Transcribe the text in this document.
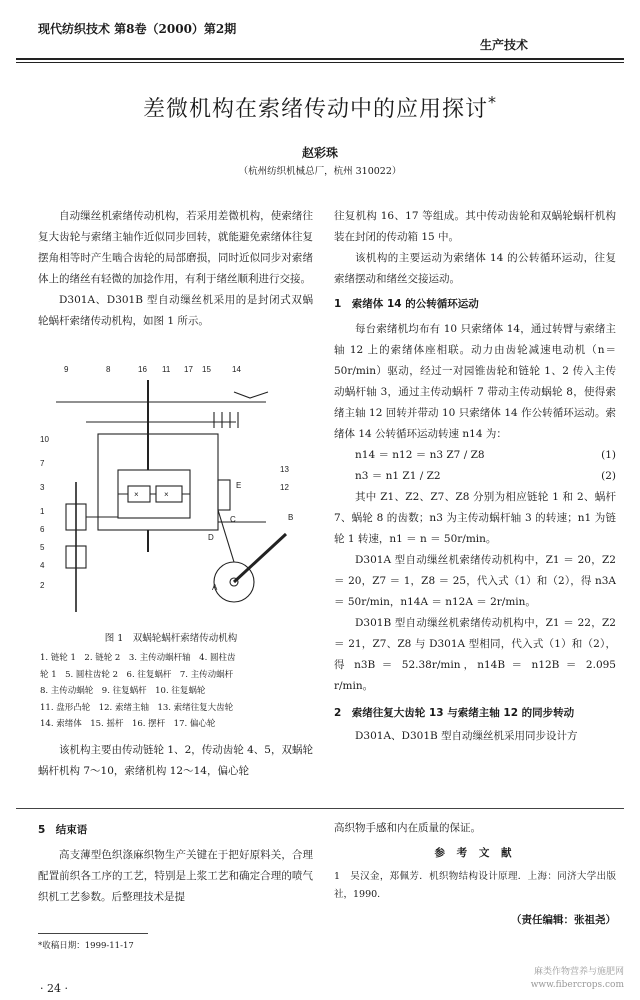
现代纺织技术 第8卷（2000）第2期
生产技术
差微机构在索绪传动中的应用探讨*
赵彩珠
（杭州纺织机械总厂，杭州 310022）

自动缫丝机索绪传动机构，若采用差微机构，使索绪往复大齿轮与索绪主轴作近似同步回转，就能避免索绪体往复摆角相等时产生啮合齿轮的局部磨损，同时近似同步对索绪体上的绪丝有轻微的加捻作用，有利于绪丝顺利进行交接。

D301A、D301B 型自动缫丝机采用的是封闭式双蜗轮蜗杆索绪传动机构，如图 1 所示。

×	×
9	8	16 11 17 15	14
13
12
10
7
3
1
6
5
4
2
E
B
C
D
A
图 1　双蜗轮蜗杆索绪传动机构
1. 链轮 1　2. 链轮 2　3. 主传动蜗杆轴　4. 圆柱齿
轮 1　5. 圆柱齿轮 2　6. 往复蜗杆　7. 主传动蜗杆
8. 主传动蜗轮　9. 往复蜗杆　10. 往复蜗轮
11. 盘形凸轮　12. 索绪主轴　13. 索绪往复大齿轮
14. 索绪体　15. 摇杆　16. 摆杆　17. 偏心轮

该机构主要由传动链轮 1、2，传动齿轮 4、5，双蜗轮蜗杆机构 7～10，索绪机构 12～14，偏心轮

往复机构 16、17 等组成。其中传动齿轮和双蜗轮蜗杆机构装在封闭的传动箱 15 中。

该机构的主要运动为索绪体 14 的公转循环运动，往复索绪摆动和绪丝交接运动。

1　索绪体 14 的公转循环运动

每台索绪机均布有 10 只索绪体 14，通过转臂与索绪主轴 12 上的索绪体座相联。动力由齿轮减速电动机（n＝50r/min）驱动，经过一对园锥齿轮和链轮 1、2 传入主传动蜗杆轴 3，通过主传动蜗杆 7 带动主传动蜗轮 8，使得索绪主轴 12 回转并带动 10 只索绪体 14 作公转循环运动。索绪体 14 公转循环运动转速 n14 为：

n14 ＝ n12 ＝ n3 Z7 / Z8	(1)

n3 ＝ n1 Z1 / Z2	(2)

其中 Z1、Z2、Z7、Z8 分别为相应链轮 1 和 2、蜗杆 7、蜗轮 8 的齿数；n3 为主传动蜗杆轴 3 的转速；n1 为链轮 1 转速，n1 ＝ n ＝ 50r/min。

D301A 型自动缫丝机索绪传动机构中，Z1 ＝ 20，Z2 ＝ 20，Z7 ＝ 1，Z8 ＝ 25，代入式（1）和（2），得 n3A ＝ 50r/min，n14A ＝ n12A ＝ 2r/min。

D301B 型自动缫丝机索绪传动机构中，Z1 ＝ 22，Z2 ＝ 21，Z7、Z8 与 D301A 型相同，代入式（1）和（2），得 n3B ＝ 52.38r/min，n14B ＝ n12B ＝ 2.095 r/min。

2　索绪往复大齿轮 13 与索绪主轴 12 的同步转动

D301A、D301B 型自动缫丝机采用同步设计方

5　结束语

高支薄型色织涤麻织物生产关键在于把好原料关，合理配置前织各工序的工艺，特别是上浆工艺和确定合理的喷气织机工艺参数。后整理技术是提

高织物手感和内在质量的保证。

参 考 文 献

1　吴汉金，郑佩芳．机织物结构设计原理．上海：同济大学出版社，1990.

（责任编辑：张祖尧）

*收稿日期：1999-11-17
· 24 ·
麻类作物营养与施肥网
www.fibercrops.com
